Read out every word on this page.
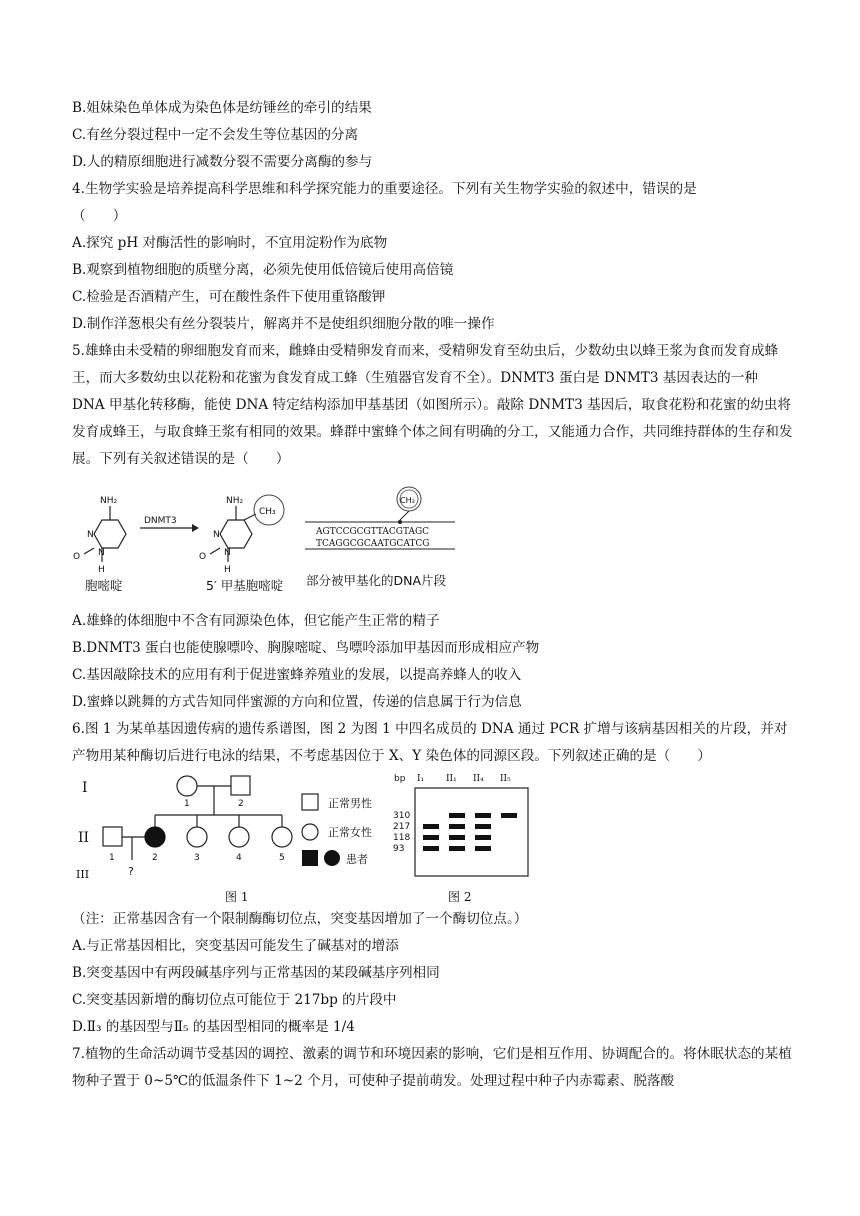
B.姐妹染色单体成为染色体是纺锤丝的牵引的结果
C.有丝分裂过程中一定不会发生等位基因的分离
D.人的精原细胞进行减数分裂不需要分离酶的参与
4.生物学实验是培养提高科学思维和科学探究能力的重要途径。下列有关生物学实验的叙述中，错误的是
（　　）
A.探究 pH 对酶活性的影响时，不宜用淀粉作为底物
B.观察到植物细胞的质壁分离，必须先使用低倍镜后使用高倍镜
C.检验是否酒精产生，可在酸性条件下使用重铬酸钾
D.制作洋葱根尖有丝分裂装片，解离并不是使组织细胞分散的唯一操作
5.雄蜂由未受精的卵细胞发育而来，雌蜂由受精卵发育而来，受精卵发育至幼虫后，少数幼虫以蜂王浆为食而发育成蜂王，而大多数幼虫以花粉和花蜜为食发育成工蜂（生殖器官发育不全）。DNMT3 蛋白是 DNMT3 基因表达的一种 DNA 甲基化转移酶，能使 DNA 特定结构添加甲基基团（如图所示）。敲除 DNMT3 基因后，取食花粉和花蜜的幼虫将发育成蜂王，与取食蜂王浆有相同的效果。蜂群中蜜蜂个体之间有明确的分工，又能通力合作，共同维持群体的生存和发展。下列有关叙述错误的是（　　）
NH₂
N
O N
H
DNMT3
NH₂
N
O N
H
CH₃
CH₃
AGTCCGCGTTACGTAGC
TCAGGCGCAATGCATCG
胞嘧啶	5′ 甲基胞嘧啶 部分被甲基化的DNA片段
A.雄蜂的体细胞中不含有同源染色体，但它能产生正常的精子
B.DNMT3 蛋白也能使腺嘌呤、胸腺嘧啶、鸟嘌呤添加甲基因而形成相应产物
C.基因敲除技术的应用有利于促进蜜蜂养殖业的发展，以提高养蜂人的收入
D.蜜蜂以跳舞的方式告知同伴蜜源的方向和位置，传递的信息属于行为信息
6.图 1 为某单基因遗传病的遗传系谱图，图 2 为图 1 中四名成员的 DNA 通过 PCR 扩增与该病基因相关的片段，并对产物用某种酶切后进行电泳的结果，不考虑基因位于 X、Y 染色体的同源区段。下列叙述正确的是（　　）
I
II
III
1	2
1	2	3	4	5
?
正常男性
正常女性
患者
图 1
bp I₁ II₁ II₄ II₅
310
217
118
93
图 2
（注：正常基因含有一个限制酶酶切位点，突变基因增加了一个酶切位点。）
A.与正常基因相比，突变基因可能发生了碱基对的增添
B.突变基因中有两段碱基序列与正常基因的某段碱基序列相同
C.突变基因新增的酶切位点可能位于 217bp 的片段中
D.Ⅱ₃ 的基因型与Ⅱ₅ 的基因型相同的概率是 1/4
7.植物的生命活动调节受基因的调控、激素的调节和环境因素的影响，它们是相互作用、协调配合的。将休眠状态的某植物种子置于 0~5℃的低温条件下 1~2 个月，可使种子提前萌发。处理过程中种子内赤霉素、脱落酸
